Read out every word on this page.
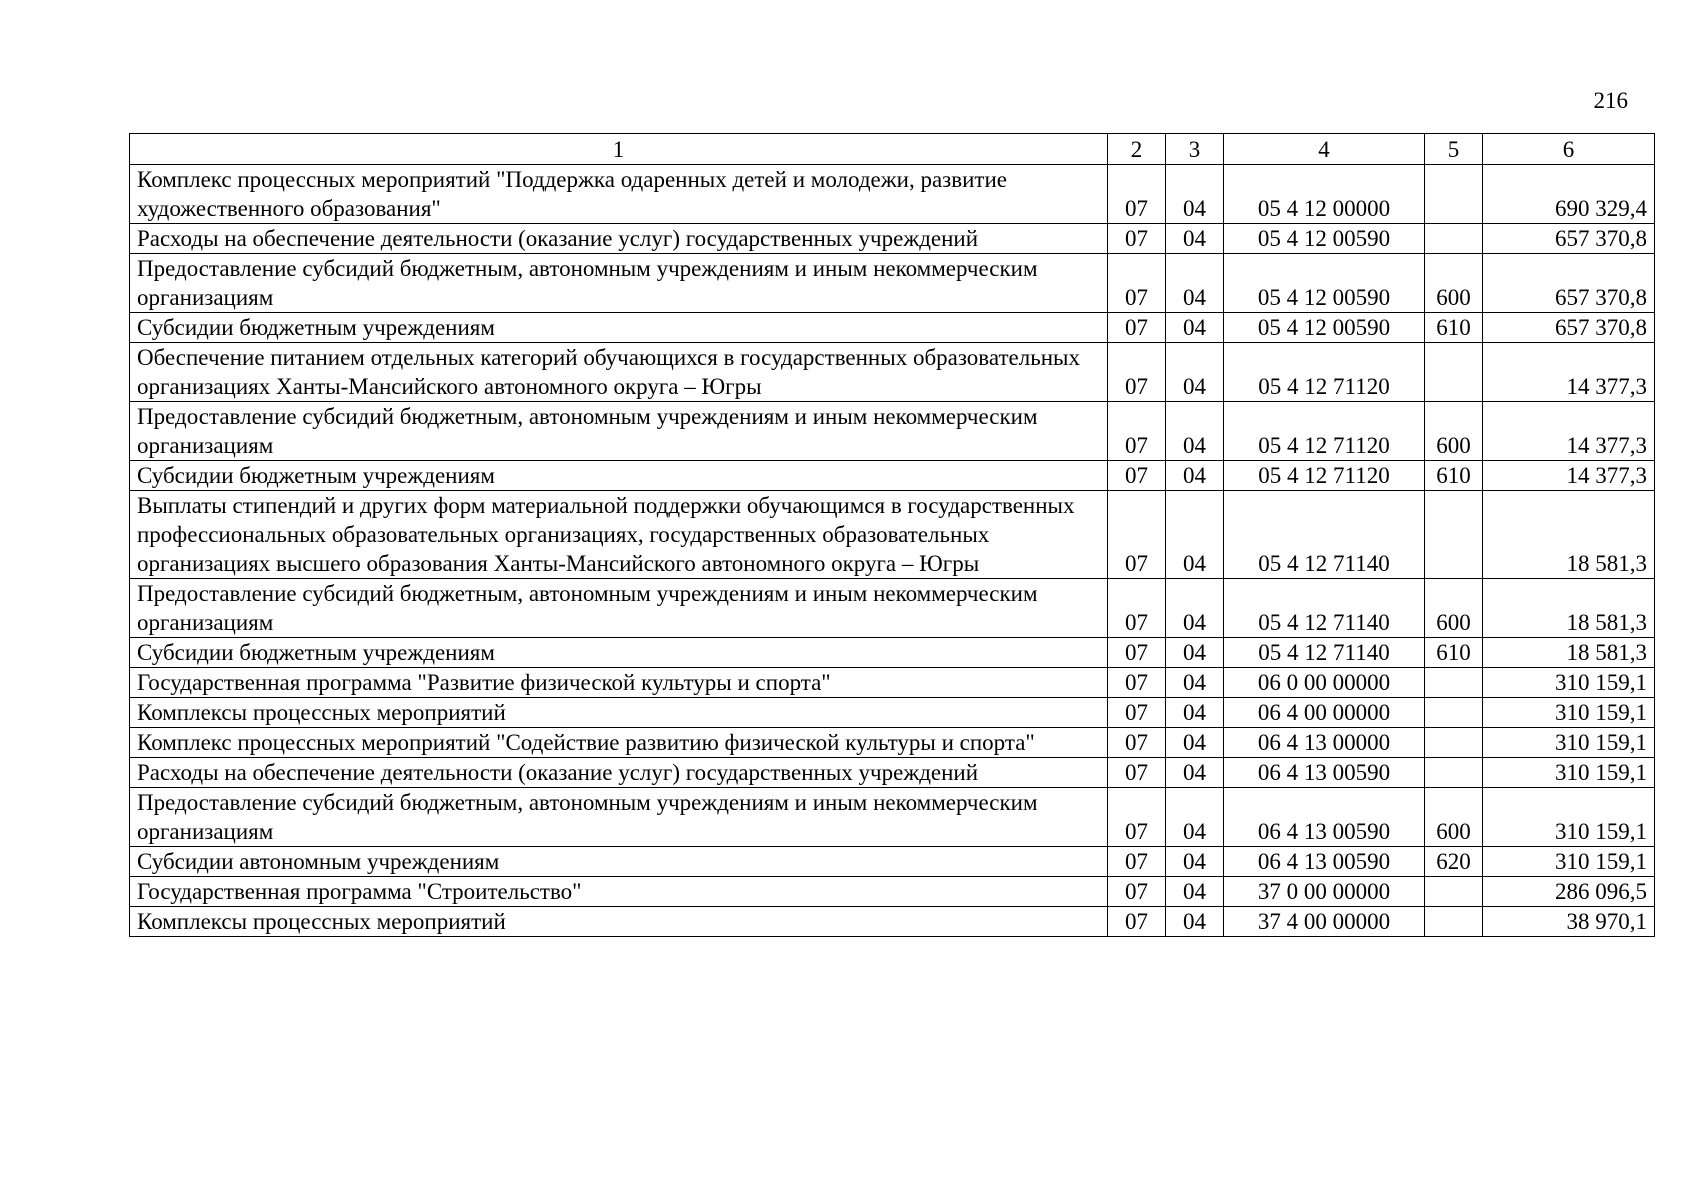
216
1	2	3	4	5	6
Комплекс процессных мероприятий "Поддержка одаренных детей и молодежи, развитие художественного образования"	07	04	05 4 12 00000		690 329,4
Расходы на обеспечение деятельности (оказание услуг) государственных учреждений	07	04	05 4 12 00590		657 370,8
Предоставление субсидий бюджетным, автономным учреждениям и иным некоммерческим организациям	07	04	05 4 12 00590	600	657 370,8
Субсидии бюджетным учреждениям	07	04	05 4 12 00590	610	657 370,8
Обеспечение питанием отдельных категорий обучающихся в государственных образовательных организациях Ханты-Мансийского автономного округа – Югры	07	04	05 4 12 71120		14 377,3
Предоставление субсидий бюджетным, автономным учреждениям и иным некоммерческим организациям	07	04	05 4 12 71120	600	14 377,3
Субсидии бюджетным учреждениям	07	04	05 4 12 71120	610	14 377,3
Выплаты стипендий и других форм материальной поддержки обучающимся в государственных профессиональных образовательных организациях, государственных образовательных организациях высшего образования Ханты-Мансийского автономного округа – Югры	07	04	05 4 12 71140		18 581,3
Предоставление субсидий бюджетным, автономным учреждениям и иным некоммерческим организациям	07	04	05 4 12 71140	600	18 581,3
Субсидии бюджетным учреждениям	07	04	05 4 12 71140	610	18 581,3
Государственная программа "Развитие физической культуры и спорта"	07	04	06 0 00 00000		310 159,1
Комплексы процессных мероприятий	07	04	06 4 00 00000		310 159,1
Комплекс процессных мероприятий "Содействие развитию физической культуры и спорта"	07	04	06 4 13 00000		310 159,1
Расходы на обеспечение деятельности (оказание услуг) государственных учреждений	07	04	06 4 13 00590		310 159,1
Предоставление субсидий бюджетным, автономным учреждениям и иным некоммерческим организациям	07	04	06 4 13 00590	600	310 159,1
Субсидии автономным учреждениям	07	04	06 4 13 00590	620	310 159,1
Государственная программа "Строительство"	07	04	37 0 00 00000		286 096,5
Комплексы процессных мероприятий	07	04	37 4 00 00000		38 970,1
